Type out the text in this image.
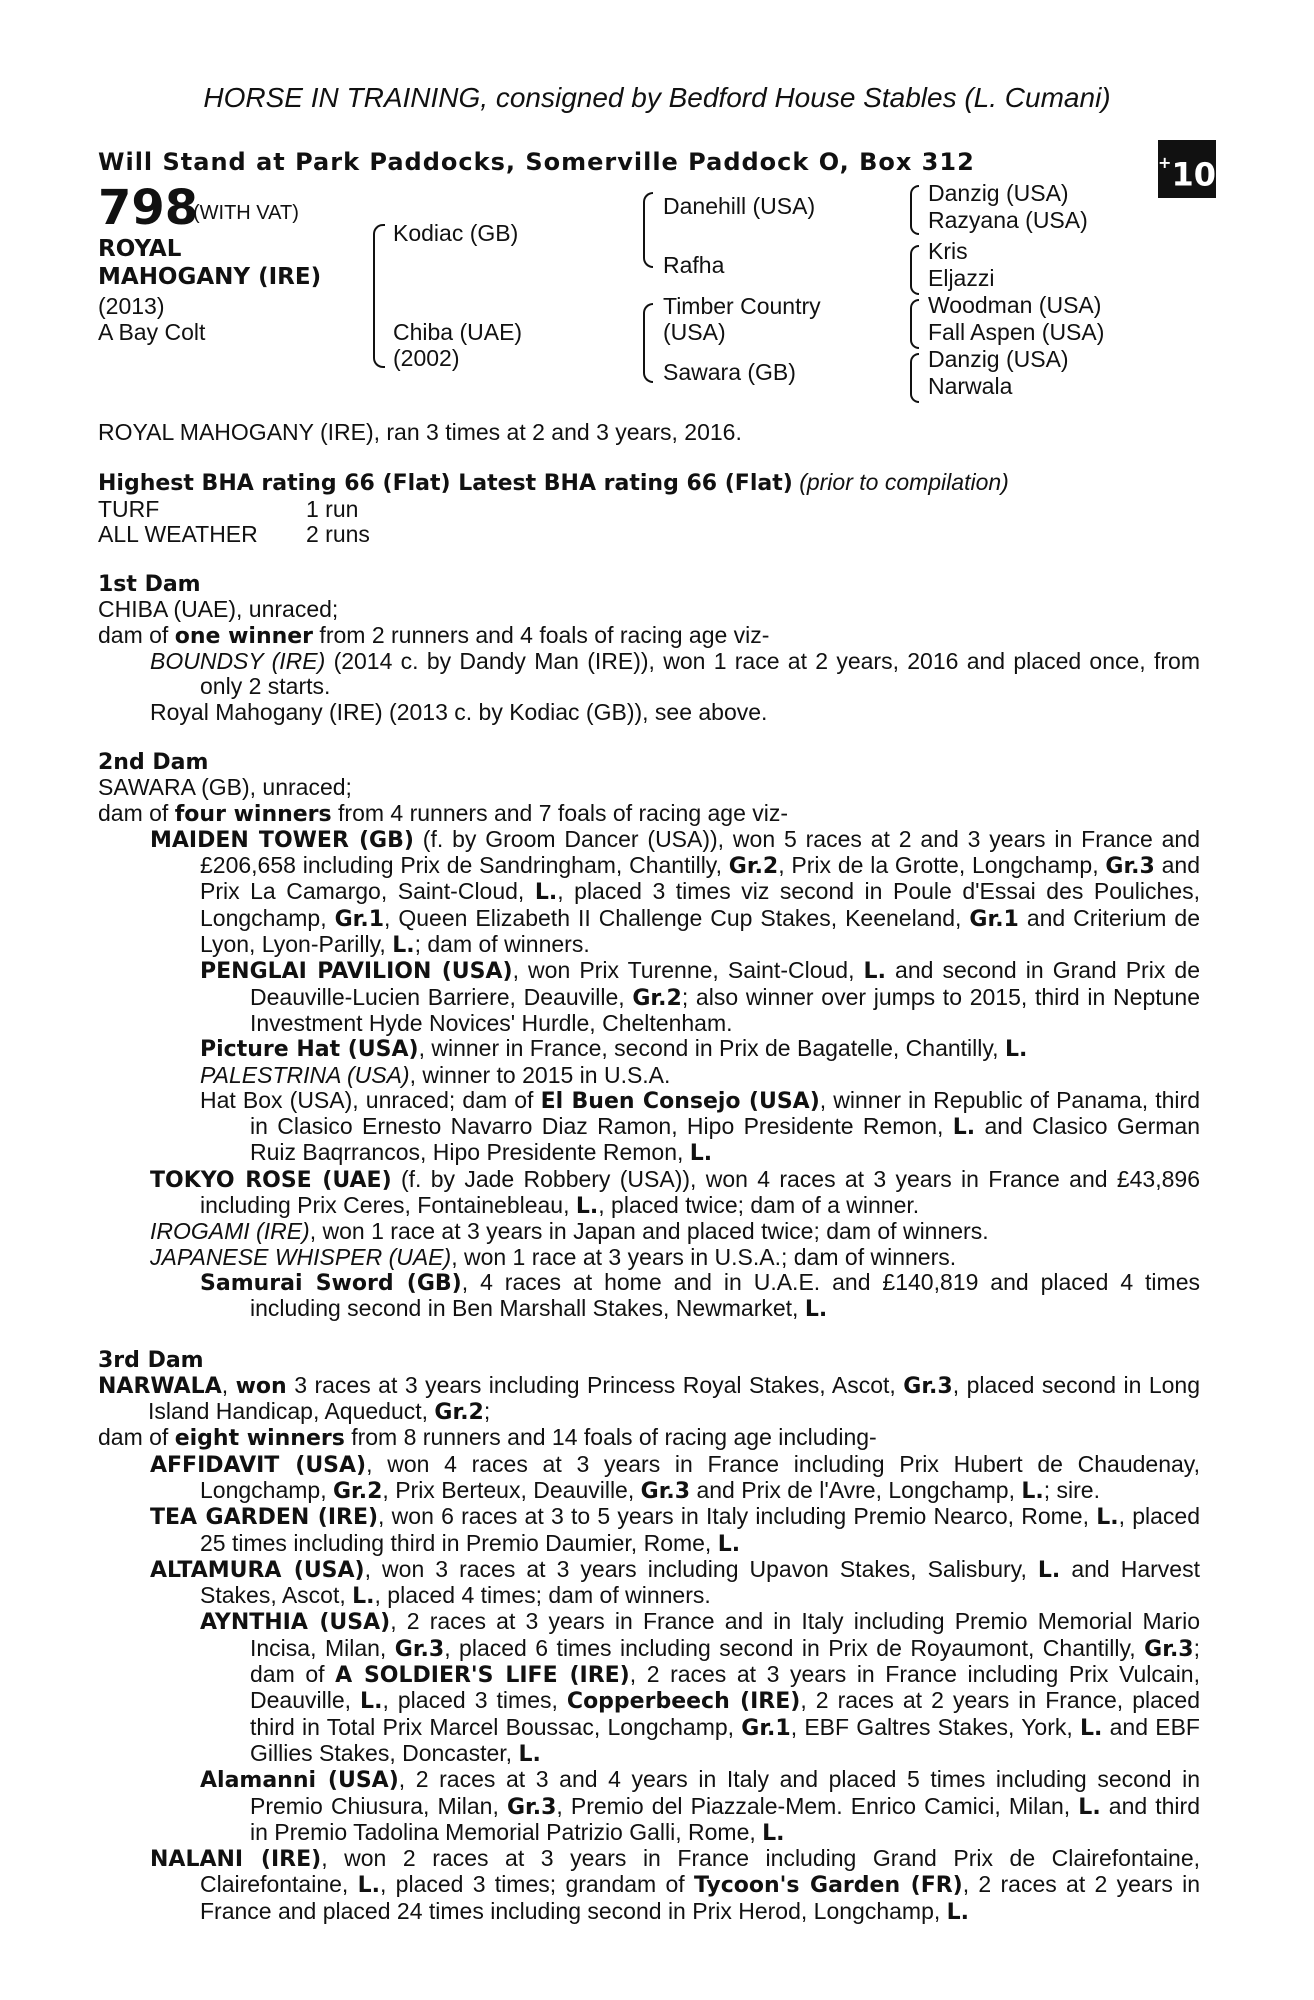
HORSE IN TRAINING, consigned by Bedford House Stables (L. Cumani)
Will Stand at Park Paddocks, Somerville Paddock O, Box 312	+10
798
(WITH VAT)
ROYAL
MAHOGANY (IRE)
(2013)
A Bay Colt
Kodiac (GB)
Chiba (UAE)
(2002)
Danehill (USA)
Rafha
Timber Country
(USA)
Sawara (GB)
Danzig (USA)
Razyana (USA)
Kris
Eljazzi
Woodman (USA)
Fall Aspen (USA)
Danzig (USA)
Narwala

ROYAL MAHOGANY (IRE), ran 3 times at 2 and 3 years, 2016.

Highest BHA rating 66 (Flat) Latest BHA rating 66 (Flat) (prior to compilation)

TURF	1 run

ALL WEATHER	2 runs

1st Dam

CHIBA (UAE), unraced;

dam of one winner from 2 runners and 4 foals of racing age viz-

BOUNDSY (IRE) (2014 c. by Dandy Man (IRE)), won 1 race at 2 years, 2016 and placed once, from only 2 starts.

Royal Mahogany (IRE) (2013 c. by Kodiac (GB)), see above.

2nd Dam

SAWARA (GB), unraced;

dam of four winners from 4 runners and 7 foals of racing age viz-

MAIDEN TOWER (GB) (f. by Groom Dancer (USA)), won 5 races at 2 and 3 years in France and £206,658 including Prix de Sandringham, Chantilly, Gr.2, Prix de la Grotte, Longchamp, Gr.3 and Prix La Camargo, Saint-Cloud, L., placed 3 times viz second in Poule d'Essai des Pouliches, Longchamp, Gr.1, Queen Elizabeth II Challenge Cup Stakes, Keeneland, Gr.1 and Criterium de Lyon, Lyon-Parilly, L.; dam of winners.

PENGLAI PAVILION (USA), won Prix Turenne, Saint-Cloud, L. and second in Grand Prix de Deauville-Lucien Barriere, Deauville, Gr.2; also winner over jumps to 2015, third in Neptune Investment Hyde Novices' Hurdle, Cheltenham.

Picture Hat (USA), winner in France, second in Prix de Bagatelle, Chantilly, L.

PALESTRINA (USA), winner to 2015 in U.S.A.

Hat Box (USA), unraced; dam of El Buen Consejo (USA), winner in Republic of Panama, third in Clasico Ernesto Navarro Diaz Ramon, Hipo Presidente Remon, L. and Clasico German Ruiz Baqrrancos, Hipo Presidente Remon, L.

TOKYO ROSE (UAE) (f. by Jade Robbery (USA)), won 4 races at 3 years in France and £43,896 including Prix Ceres, Fontainebleau, L., placed twice; dam of a winner.

IROGAMI (IRE), won 1 race at 3 years in Japan and placed twice; dam of winners.

JAPANESE WHISPER (UAE), won 1 race at 3 years in U.S.A.; dam of winners.

Samurai Sword (GB), 4 races at home and in U.A.E. and £140,819 and placed 4 times including second in Ben Marshall Stakes, Newmarket, L.

3rd Dam

NARWALA, won 3 races at 3 years including Princess Royal Stakes, Ascot, Gr.3, placed second in Long Island Handicap, Aqueduct, Gr.2;

dam of eight winners from 8 runners and 14 foals of racing age including-

AFFIDAVIT (USA), won 4 races at 3 years in France including Prix Hubert de Chaudenay, Longchamp, Gr.2, Prix Berteux, Deauville, Gr.3 and Prix de l'Avre, Longchamp, L.; sire.

TEA GARDEN (IRE), won 6 races at 3 to 5 years in Italy including Premio Nearco, Rome, L., placed 25 times including third in Premio Daumier, Rome, L.

ALTAMURA (USA), won 3 races at 3 years including Upavon Stakes, Salisbury, L. and Harvest Stakes, Ascot, L., placed 4 times; dam of winners.

AYNTHIA (USA), 2 races at 3 years in France and in Italy including Premio Memorial Mario Incisa, Milan, Gr.3, placed 6 times including second in Prix de Royaumont, Chantilly, Gr.3; dam of A SOLDIER'S LIFE (IRE), 2 races at 3 years in France including Prix Vulcain, Deauville, L., placed 3 times, Copperbeech (IRE), 2 races at 2 years in France, placed third in Total Prix Marcel Boussac, Longchamp, Gr.1, EBF Galtres Stakes, York, L. and EBF Gillies Stakes, Doncaster, L.

Alamanni (USA), 2 races at 3 and 4 years in Italy and placed 5 times including second in Premio Chiusura, Milan, Gr.3, Premio del Piazzale-Mem. Enrico Camici, Milan, L. and third in Premio Tadolina Memorial Patrizio Galli, Rome, L.

NALANI (IRE), won 2 races at 3 years in France including Grand Prix de Clairefontaine, Clairefontaine, L., placed 3 times; grandam of Tycoon's Garden (FR), 2 races at 2 years in France and placed 24 times including second in Prix Herod, Longchamp, L.
